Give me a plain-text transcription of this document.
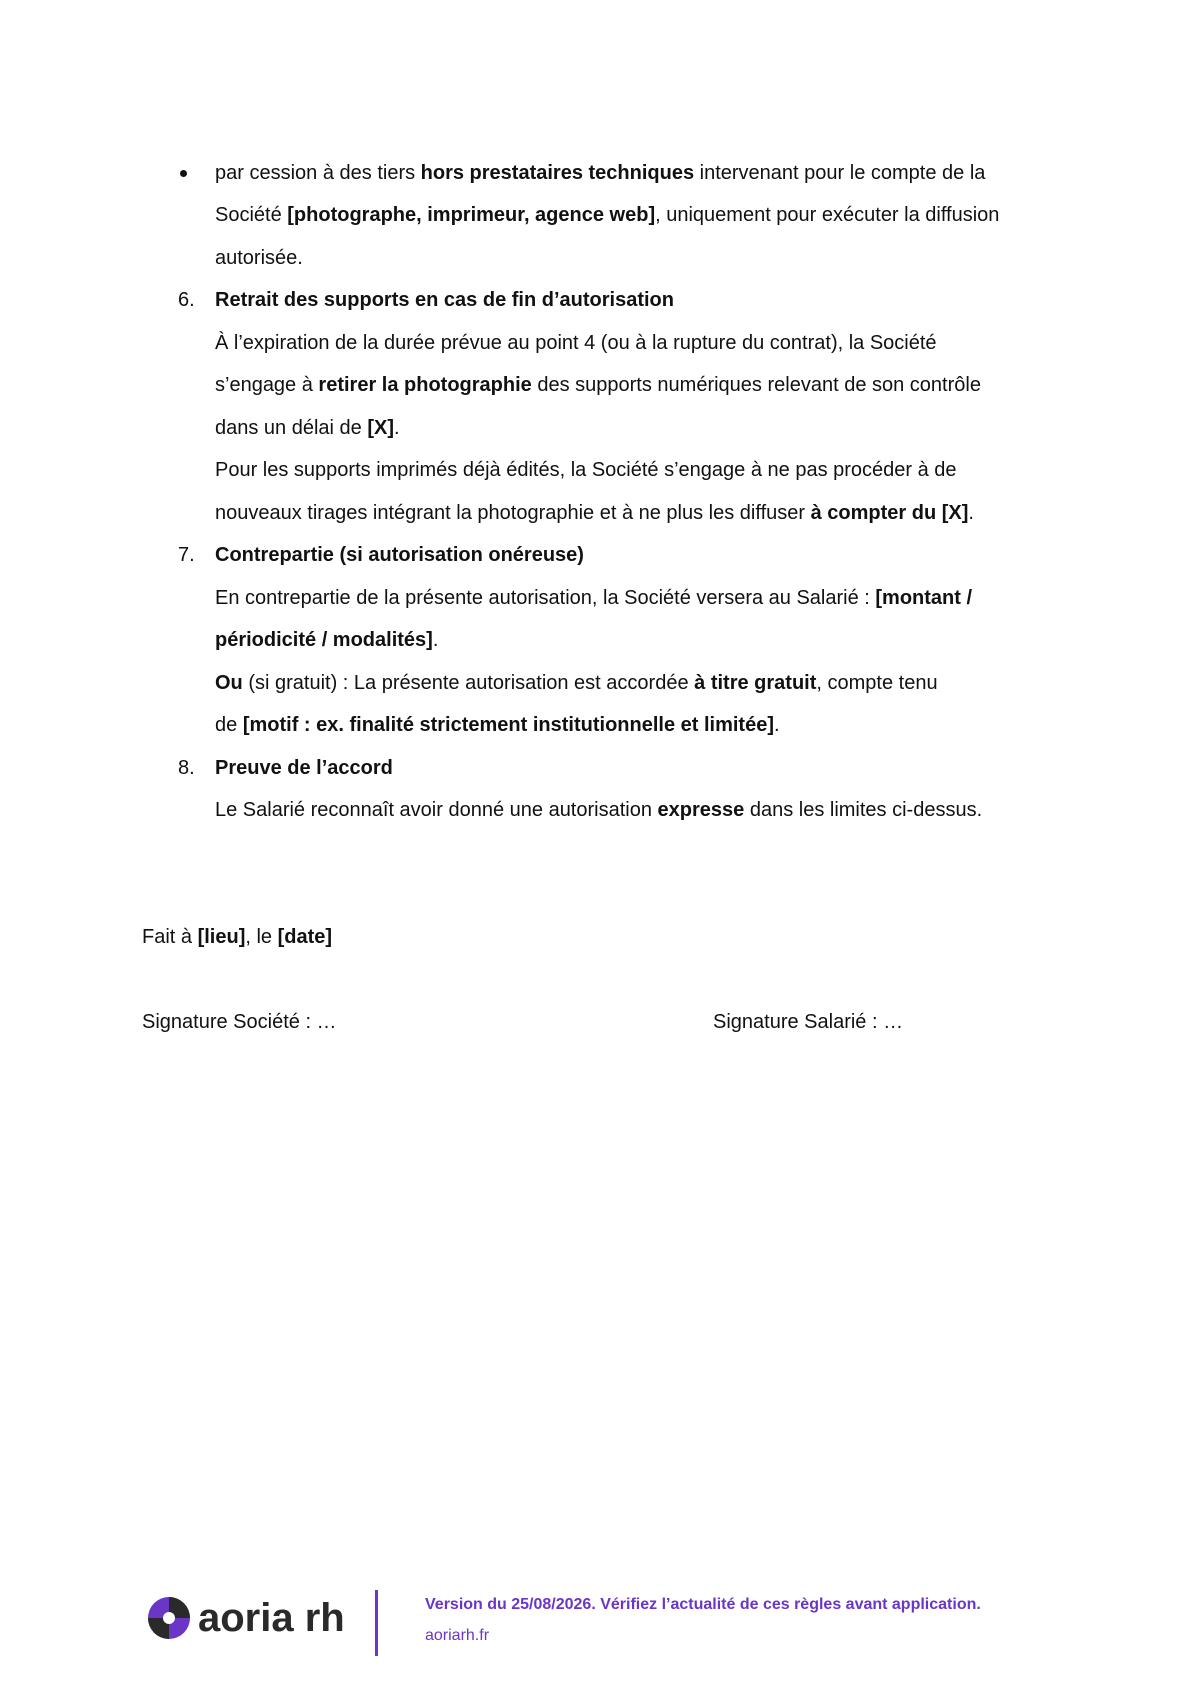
par cession à des tiers hors prestataires techniques intervenant pour le compte de la
Société [photographe, imprimeur, agence web], uniquement pour exécuter la diffusion
autorisée.
6. Retrait des supports en cas de fin d’autorisation
À l’expiration de la durée prévue au point 4 (ou à la rupture du contrat), la Société
s’engage à retirer la photographie des supports numériques relevant de son contrôle
dans un délai de [X].
Pour les supports imprimés déjà édités, la Société s’engage à ne pas procéder à de
nouveaux tirages intégrant la photographie et à ne plus les diffuser à compter du [X].
7. Contrepartie (si autorisation onéreuse)
En contrepartie de la présente autorisation, la Société versera au Salarié : [montant /
périodicité / modalités].
Ou (si gratuit) : La présente autorisation est accordée à titre gratuit, compte tenu
de [motif : ex. finalité strictement institutionnelle et limitée].
8. Preuve de l’accord
Le Salarié reconnaît avoir donné une autorisation expresse dans les limites ci-dessus.
Fait à [lieu], le [date]
Signature Société : …	Signature Salarié : …
aoria rh	Version du 25/08/2026. Vérifiez l’actualité de ces règles avant application.
aoriarh.fr
